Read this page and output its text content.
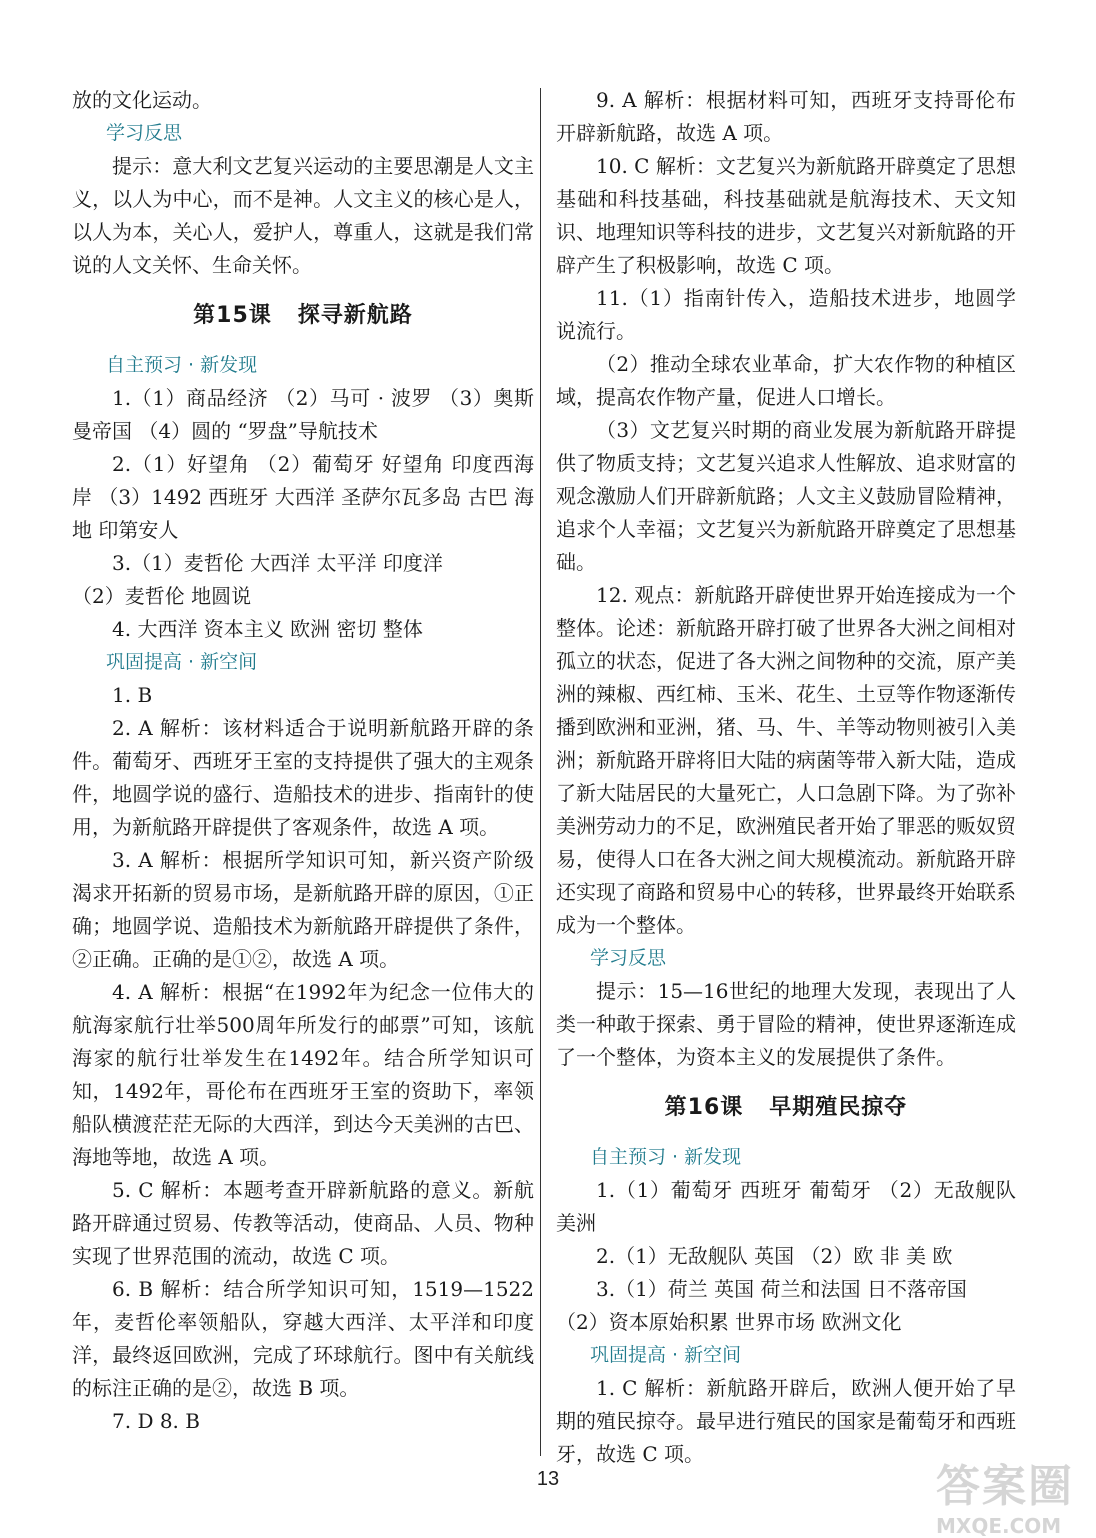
放的文化运动。

学习反思

提示：意大利文艺复兴运动的主要思潮是人文主义，以人为中心，而不是神。人文主义的核心是人，以人为本，关心人，爱护人，尊重人，这就是我们常说的人文关怀、生命关怀。

第15课 探寻新航路

自主预习 · 新发现

1.（1）商品经济 （2）马可 · 波罗 （3）奥斯曼帝国 （4）圆的 “罗盘”导航技术

2.（1）好望角 （2）葡萄牙 好望角 印度西海岸 （3）1492 西班牙 大西洋 圣萨尔瓦多岛 古巴 海地 印第安人

3.（1）麦哲伦 大西洋 太平洋 印度洋

（2）麦哲伦 地圆说

4. 大西洋 资本主义 欧洲 密切 整体

巩固提高 · 新空间

1. B

2. A 解析：该材料适合于说明新航路开辟的条件。葡萄牙、西班牙王室的支持提供了强大的主观条件，地圆学说的盛行、造船技术的进步、指南针的使用，为新航路开辟提供了客观条件，故选 A 项。

3. A 解析：根据所学知识可知，新兴资产阶级渴求开拓新的贸易市场，是新航路开辟的原因，①正确；地圆学说、造船技术为新航路开辟提供了条件，②正确。正确的是①②，故选 A 项。

4. A 解析：根据“在1992年为纪念一位伟大的航海家航行壮举500周年所发行的邮票”可知，该航海家的航行壮举发生在1492年。结合所学知识可知，1492年，哥伦布在西班牙王室的资助下，率领船队横渡茫茫无际的大西洋，到达今天美洲的古巴、海地等地，故选 A 项。

5. C 解析：本题考查开辟新航路的意义。新航路开辟通过贸易、传教等活动，使商品、人员、物种实现了世界范围的流动，故选 C 项。

6. B 解析：结合所学知识可知，1519—1522年，麦哲伦率领船队，穿越大西洋、太平洋和印度洋，最终返回欧洲，完成了环球航行。图中有关航线的标注正确的是②，故选 B 项。

7. D 8. B

9. A 解析：根据材料可知，西班牙支持哥伦布开辟新航路，故选 A 项。

10. C 解析：文艺复兴为新航路开辟奠定了思想基础和科技基础，科技基础就是航海技术、天文知识、地理知识等科技的进步，文艺复兴对新航路的开辟产生了积极影响，故选 C 项。

11.（1）指南针传入，造船技术进步，地圆学说流行。

（2）推动全球农业革命，扩大农作物的种植区域，提高农作物产量，促进人口增长。

（3）文艺复兴时期的商业发展为新航路开辟提供了物质支持；文艺复兴追求人性解放、追求财富的观念激励人们开辟新航路；人文主义鼓励冒险精神，追求个人幸福；文艺复兴为新航路开辟奠定了思想基础。

12. 观点：新航路开辟使世界开始连接成为一个整体。论述：新航路开辟打破了世界各大洲之间相对孤立的状态，促进了各大洲之间物种的交流，原产美洲的辣椒、西红柿、玉米、花生、土豆等作物逐渐传播到欧洲和亚洲，猪、马、牛、羊等动物则被引入美洲；新航路开辟将旧大陆的病菌等带入新大陆，造成了新大陆居民的大量死亡，人口急剧下降。为了弥补美洲劳动力的不足，欧洲殖民者开始了罪恶的贩奴贸易，使得人口在各大洲之间大规模流动。新航路开辟还实现了商路和贸易中心的转移，世界最终开始联系成为一个整体。

学习反思

提示：15—16世纪的地理大发现，表现出了人类一种敢于探索、勇于冒险的精神，使世界逐渐连成了一个整体，为资本主义的发展提供了条件。

第16课 早期殖民掠夺

自主预习 · 新发现

1.（1）葡萄牙 西班牙 葡萄牙 （2）无敌舰队 美洲

2.（1）无敌舰队 英国 （2）欧 非 美 欧

3.（1）荷兰 英国 荷兰和法国 日不落帝国

（2）资本原始积累 世界市场 欧洲文化

巩固提高 · 新空间

1. C 解析：新航路开辟后，欧洲人便开始了早期的殖民掠夺。最早进行殖民的国家是葡萄牙和西班牙，故选 C 项。

13	答案圈
MXQE.COM
